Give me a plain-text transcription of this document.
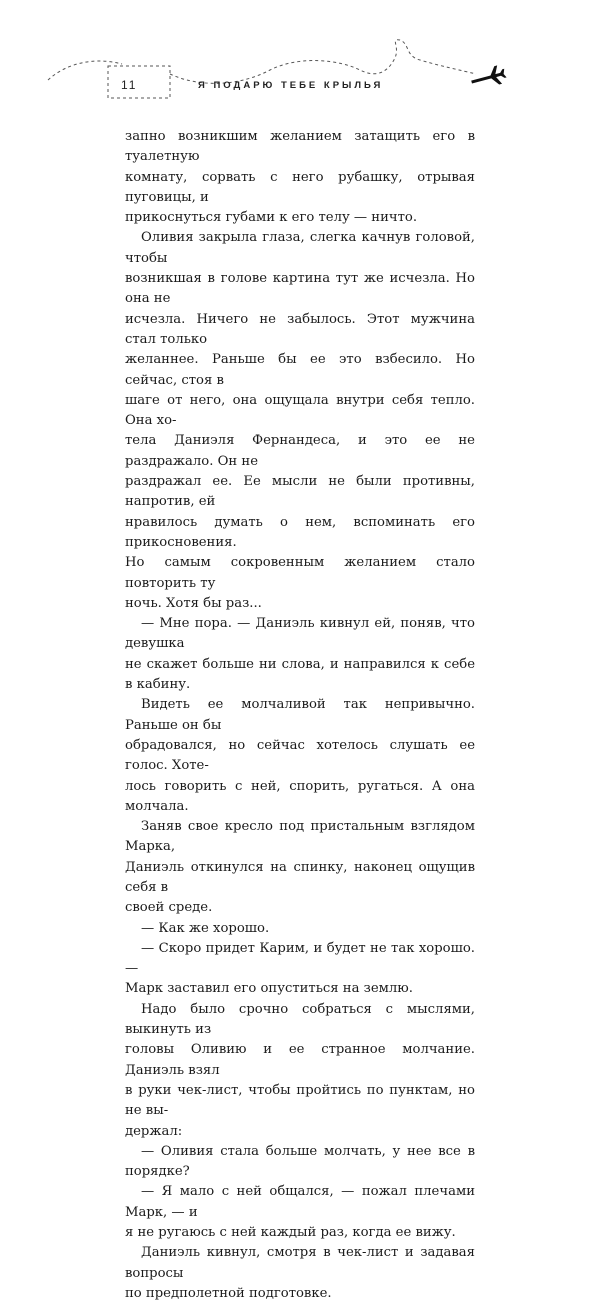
11	Я ПОДАРЮ ТЕБЕ КРЫЛЬЯ

запно возникшим желанием затащить его в туалетную
комнату, сорвать с него рубашку, отрывая пуговицы, и
прикоснуться губами к его телу — ничто.

Оливия закрыла глаза, слегка качнув головой, чтобы
возникшая в голове картина тут же исчезла. Но она не
исчезла. Ничего не забылось. Этот мужчина стал только
желаннее. Раньше бы ее это взбесило. Но сейчас, стоя в
шаге от него, она ощущала внутри себя тепло. Она хо-
тела Даниэля Фернандеса, и это ее не раздражало. Он не
раздражал ее. Ее мысли не были противны, напротив, ей
нравилось думать о нем, вспоминать его прикосновения.
Но самым сокровенным желанием стало повторить ту
ночь. Хотя бы раз...

— Мне пора. — Даниэль кивнул ей, поняв, что девушка
не скажет больше ни слова, и направился к себе в кабину.

Видеть ее молчаливой так непривычно. Раньше он бы
обрадовался, но сейчас хотелось слушать ее голос. Хоте-
лось говорить с ней, спорить, ругаться. А она молчала.

Заняв свое кресло под пристальным взглядом Марка,
Даниэль откинулся на спинку, наконец ощущив себя в
своей среде.

— Как же хорошо.

— Скоро придет Карим, и будет не так хорошо. —
Марк заставил его опуститься на землю.

Надо было срочно собраться с мыслями, выкинуть из
головы Оливию и ее странное молчание. Даниэль взял
в руки чек-лист, чтобы пройтись по пунктам, но не вы-
держал:

— Оливия стала больше молчать, у нее все в порядке?

— Я мало с ней общался, — пожал плечами Марк, — и
я не ругаюсь с ней каждый раз, когда ее вижу.

Даниэль кивнул, смотря в чек-лист и задавая вопросы
по предполетной подготовке.
